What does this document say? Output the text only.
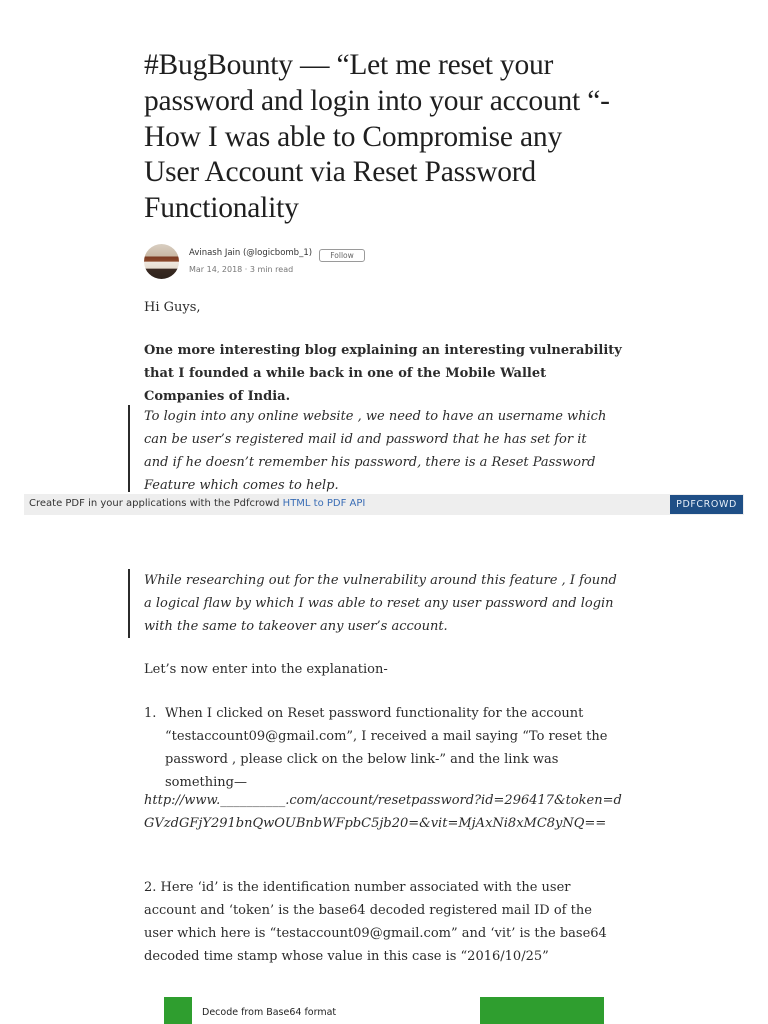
#BugBounty — “Let me reset your password and login into your account “-How I was able to Compromise any User Account via Reset Password Functionality
Avinash Jain (@logicbomb_1)	Follow
Mar 14, 2018 · 3 min read

Hi Guys,

One more interesting blog explaining an interesting vulnerability that I founded a while back in one of the Mobile Wallet Companies of India.

To login into any online website , we need to have an username which can be user’s registered mail id and password that he has set for it and if he doesn’t remember his password, there is a Reset Password Feature which comes to help.

Create PDF in your applications with the Pdfcrowd HTML to PDF API	PDFCROWD

While researching out for the vulnerability around this feature , I found a logical flaw by which I was able to reset any user password and login with the same to takeover any user’s account.

Let’s now enter into the explanation-

1. When I clicked on Reset password functionality for the account “testaccount09@gmail.com”, I received a mail saying “To reset the password , please click on the below link-” and the link was something—

http://www.__________.com/account/resetpassword?id=296417&token=dGVzdGFjY291bnQwOUBnbWFpbC5jb20=&vit=MjAxNi8xMC8yNQ==

2. Here ‘id’ is the identification number associated with the user account and ‘token’ is the base64 decoded registered mail ID of the user which here is “testaccount09@gmail.com” and ‘vit’ is the base64 decoded time stamp whose value in this case is “2016/10/25”

Decode from Base64 format
